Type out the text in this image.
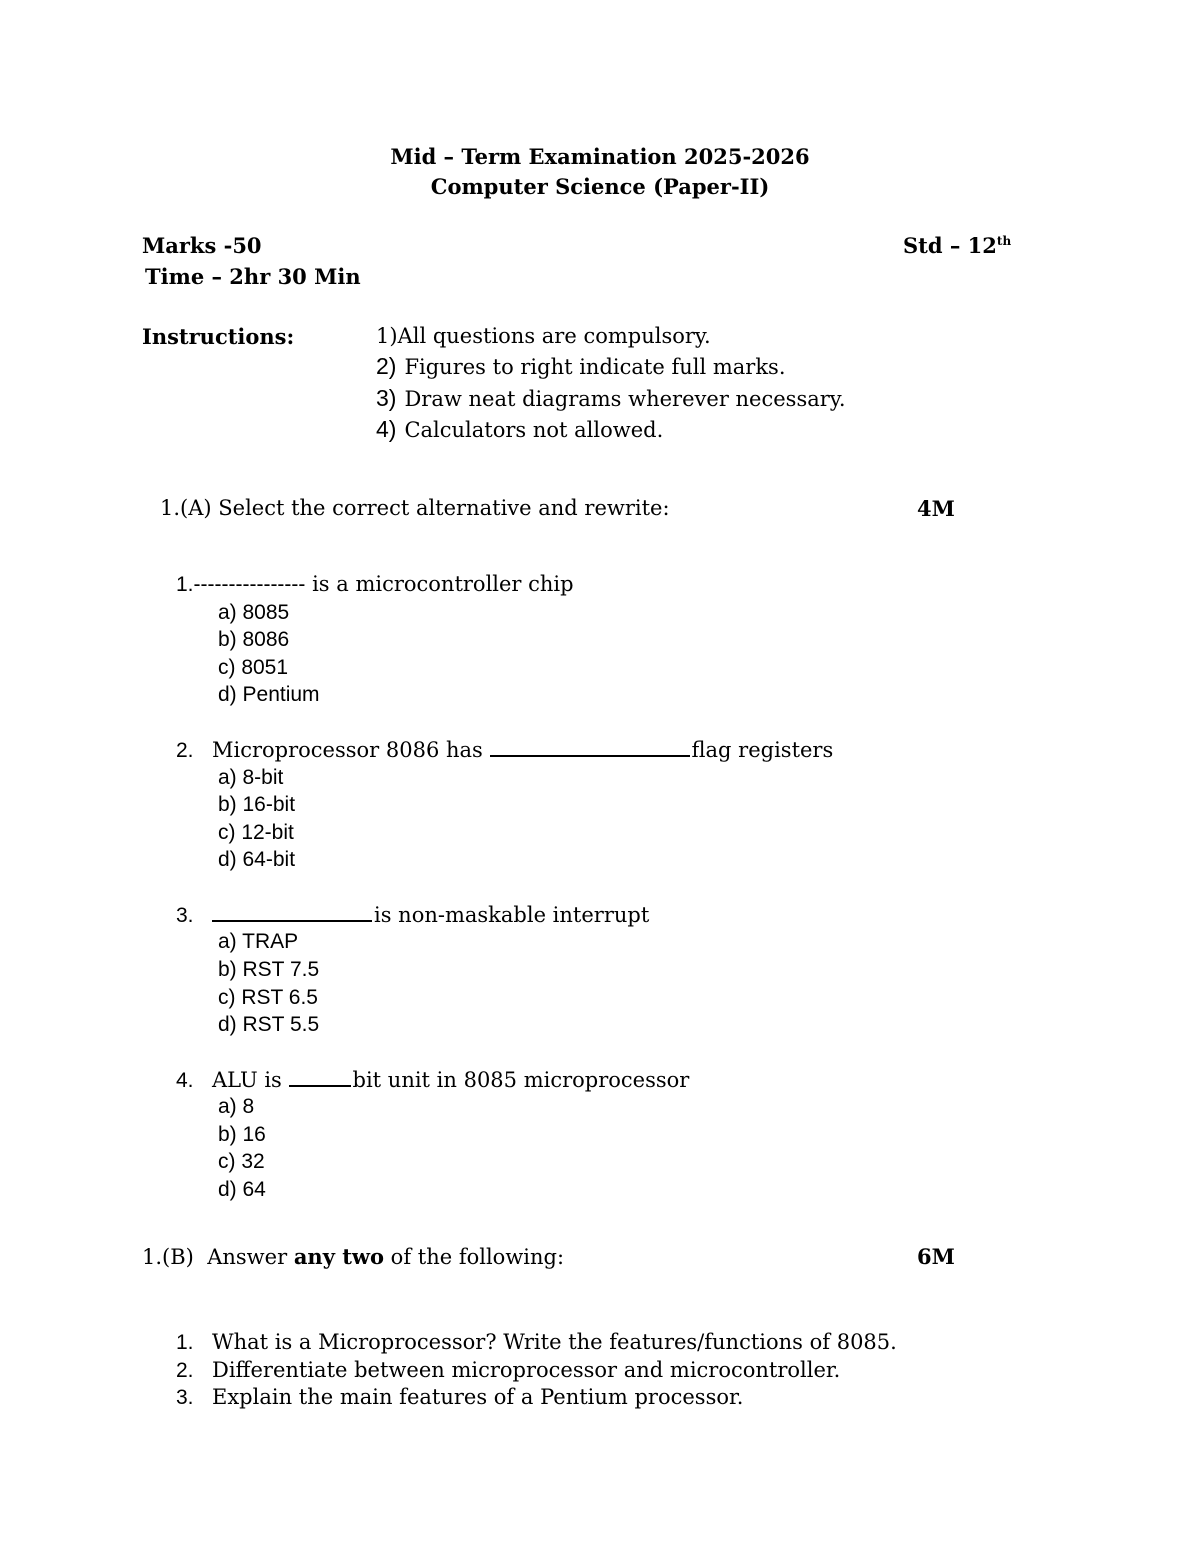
Mid – Term Examination 2025-2026
Computer Science (Paper-II)
Marks -50	Std – 12th
Time – 2hr 30 Min
Instructions:	1)All questions are compulsory.
2) Figures to right indicate full marks.
3) Draw neat diagrams wherever necessary.
4) Calculators not allowed.
1.(A) Select the correct alternative and rewrite:	4M
1.---------------- is a microcontroller chip
a) 8085
b) 8086
c) 8051
d) Pentium
2. Microprocessor 8086 has	flag registers
a) 8-bit
b) 16-bit
c) 12-bit
d) 64-bit
3.	is non-maskable interrupt
a) TRAP
b) RST 7.5
c) RST 6.5
d) RST 5.5
4. ALU is	bit unit in 8085 microprocessor
a) 8
b) 16
c) 32
d) 64
1.(B) Answer any two of the following:	6M
1. What is a Microprocessor? Write the features/functions of 8085.
2. Differentiate between microprocessor and microcontroller.
3. Explain the main features of a Pentium processor.
